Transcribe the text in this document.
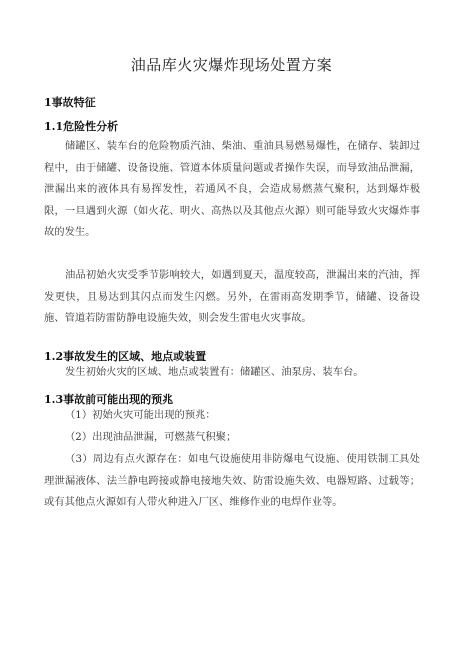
油品库火灾爆炸现场处置方案
1事故特征
1.1危险性分析
储罐区、装车台的危险物质汽油、柴油、重油具易燃易爆性，在储存、装卸过程中，由于储罐、设备设施、管道本体质量问题或者操作失误，而导致油品泄漏，泄漏出来的液体具有易挥发性，若通风不良，会造成易燃蒸气聚积，达到爆炸极限，一旦遇到火源（如火花、明火、高热以及其他点火源）则可能导致火灾爆炸事故的发生。
油品初始火灾受季节影响较大，如遇到夏天，温度较高，泄漏出来的汽油，挥发更快，且易达到其闪点而发生闪燃。另外，在雷雨高发期季节，储罐、设备设施、管道若防雷防静电设施失效，则会发生雷电火灾事故。
1.2事故发生的区域、地点或装置
发生初始火灾的区域、地点或装置有：储罐区、油泵房、装车台。
1.3事故前可能出现的预兆
（1）初始火灾可能出现的预兆：
（2）出现油品泄漏，可燃蒸气积聚；
（3）周边有点火源存在：如电气设施使用非防爆电气设施、使用铁制工具处理泄漏液体、法兰静电跨接或静电接地失效、防雷设施失效、电器短路、过载等；或有其他点火源如有人带火种进入厂区、维修作业的电焊作业等。
